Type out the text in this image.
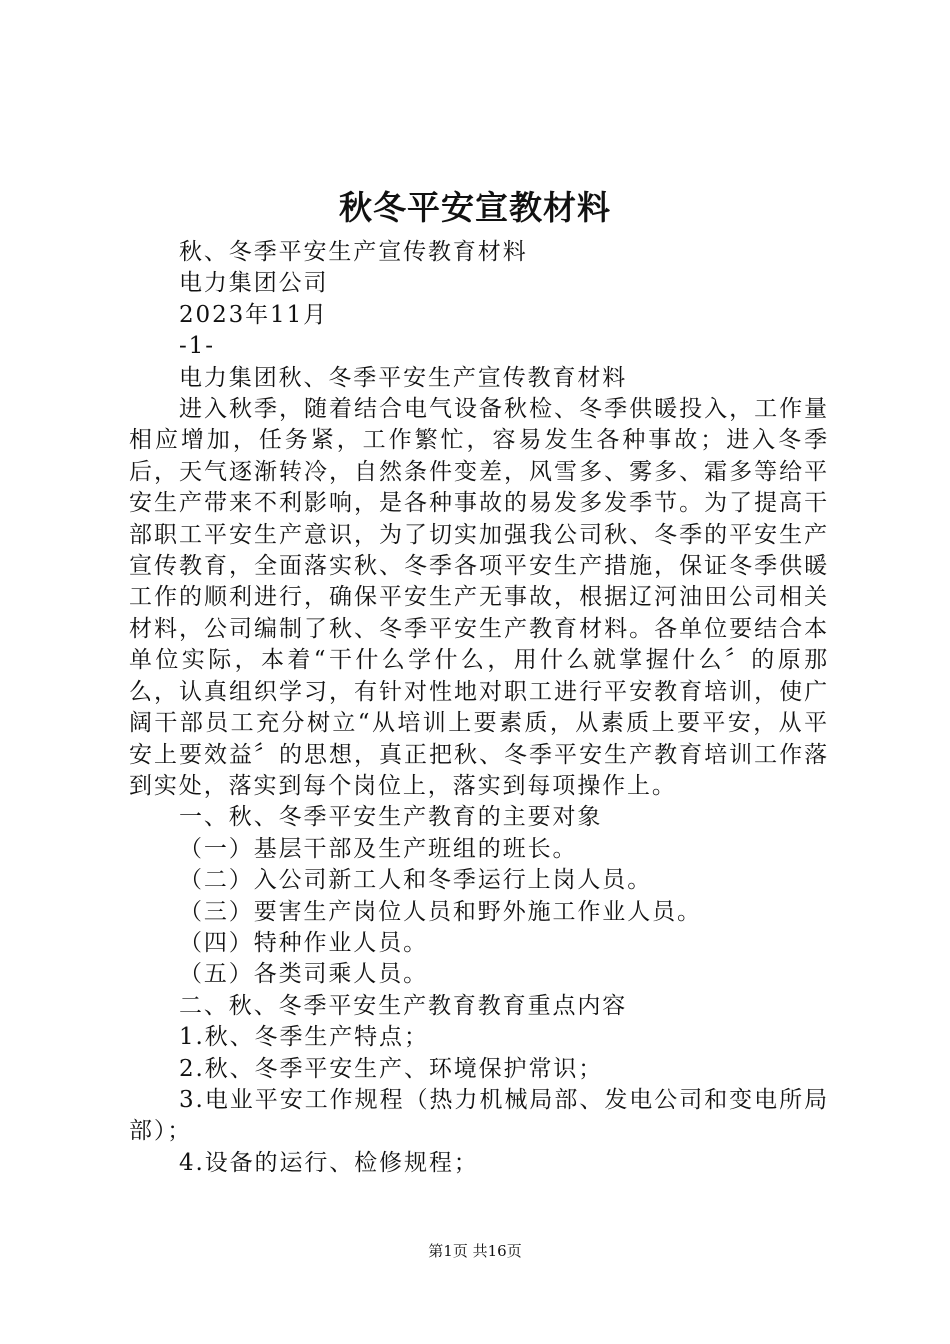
秋冬平安宣教材料

秋、冬季平安生产宣传教育材料

电力集团公司

2023年11月

-1-

电力集团秋、冬季平安生产宣传教育材料

进入秋季，随着结合电气设备秋检、冬季供暖投入，工作量相应增加，任务紧，工作繁忙，容易发生各种事故；进入冬季后，天气逐渐转冷，自然条件变差，风雪多、雾多、霜多等给平安生产带来不利影响，是各种事故的易发多发季节。为了提高干部职工平安生产意识，为了切实加强我公司秋、冬季的平安生产宣传教育，全面落实秋、冬季各项平安生产措施，保证冬季供暖工作的顺利进行，确保平安生产无事故，根据辽河油田公司相关材料，公司编制了秋、冬季平安生产教育材料。各单位要结合本单位实际，本着“干什么学什么，用什么就掌握什么〞的原那么，认真组织学习，有针对性地对职工进行平安教育培训，使广阔干部员工充分树立“从培训上要素质，从素质上要平安，从平安上要效益〞的思想，真正把秋、冬季平安生产教育培训工作落到实处，落实到每个岗位上，落实到每项操作上。

一、秋、冬季平安生产教育的主要对象

（一）基层干部及生产班组的班长。

（二）入公司新工人和冬季运行上岗人员。

（三）要害生产岗位人员和野外施工作业人员。

（四）特种作业人员。

（五）各类司乘人员。

二、秋、冬季平安生产教育教育重点内容

1.秋、冬季生产特点；

2.秋、冬季平安生产、环境保护常识；

3.电业平安工作规程（热力机械局部、发电公司和变电所局部）；

4.设备的运行、检修规程；

第1页 共16页
